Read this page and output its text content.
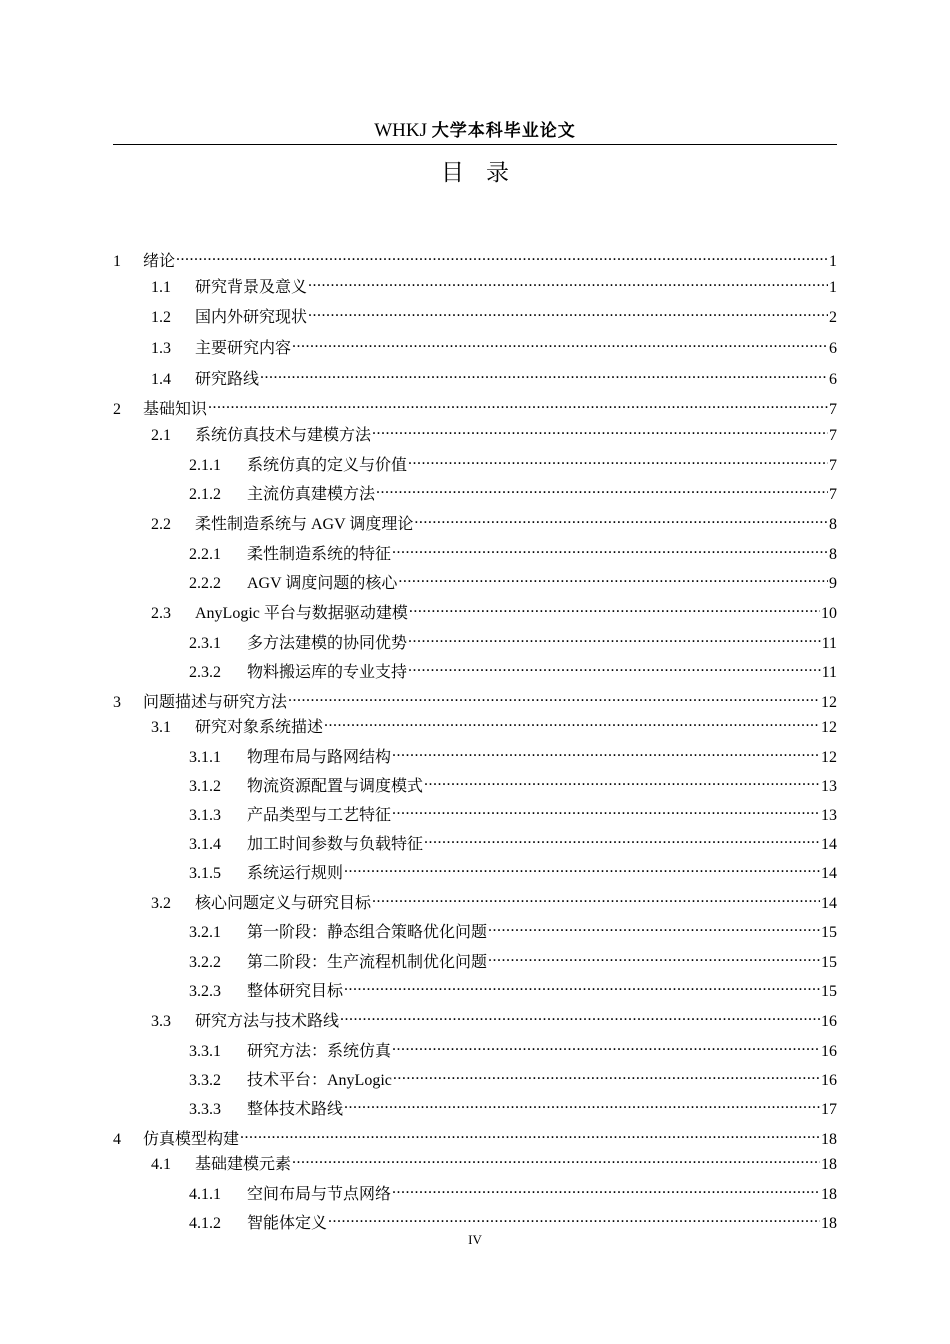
WHKJ 大学本科毕业论文
目录
1	绪论 .....	1
1.1	研究背景及意义 .....	1
1.2	国内外研究现状 .....	2
1.3	主要研究内容 .....	6
1.4	研究路线 .....	6
2	基础知识 .....	7
2.1	系统仿真技术与建模方法 .....	7
2.1.1	系统仿真的定义与价值 .....	7
2.1.2	主流仿真建模方法 .....	7
2.2	柔性制造系统与 AGV 调度理论 .....	8
2.2.1	柔性制造系统的特征 .....	8
2.2.2	AGV 调度问题的核心 .....	9
2.3	AnyLogic 平台与数据驱动建模 .....	10
2.3.1	多方法建模的协同优势 .....	11
2.3.2	物料搬运库的专业支持 .....	11
3	问题描述与研究方法 .....	12
3.1	研究对象系统描述 .....	12
3.1.1	物理布局与路网结构 .....	12
3.1.2	物流资源配置与调度模式 .....	13
3.1.3	产品类型与工艺特征 .....	13
3.1.4	加工时间参数与负载特征 .....	14
3.1.5	系统运行规则 .....	14
3.2	核心问题定义与研究目标 .....	14
3.2.1	第一阶段：静态组合策略优化问题 .....	15
3.2.2	第二阶段：生产流程机制优化问题 .....	15
3.2.3	整体研究目标 .....	15
3.3	研究方法与技术路线 .....	16
3.3.1	研究方法：系统仿真 .....	16
3.3.2	技术平台：AnyLogic .....	16
3.3.3	整体技术路线 .....	17
4	仿真模型构建 .....	18
4.1	基础建模元素 .....	18
4.1.1	空间布局与节点网络 .....	18
4.1.2	智能体定义 .....	18
IV
